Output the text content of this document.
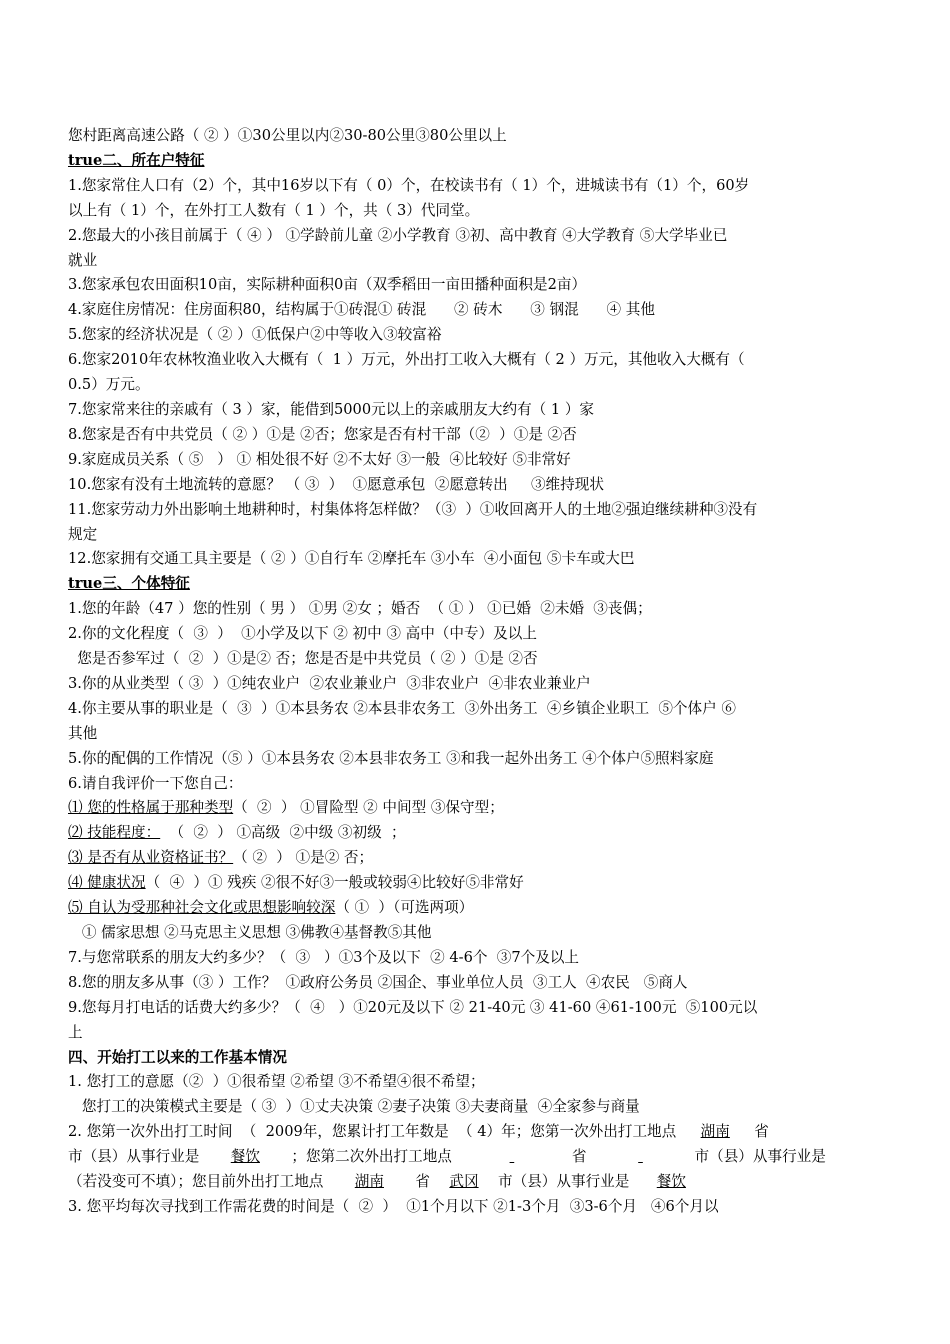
您村距离高速公路（ ② ）①30公里以内②30-80公里③80公里以上
true二、所在户特征
1.您家常住人口有（2）个，其中16岁以下有（ 0）个，在校读书有（ 1）个，进城读书有（1）个，60岁
以上有（ 1）个，在外打工人数有（ 1 ）个，共（ 3）代同堂。
2.您最大的小孩目前属于（ ④ ） ①学龄前儿童 ②小学教育 ③初、高中教育 ④大学教育 ⑤大学毕业已
就业
3.您家承包农田面积10亩，实际耕种面积0亩（双季稻田一亩田播种面积是2亩）
4.家庭住房情况：住房面积80，结构属于①砖混① 砖混      ② 砖木      ③ 钢混      ④ 其他
5.您家的经济状况是（ ② ）①低保户②中等收入③较富裕
6.您家2010年农林牧渔业收入大概有（  1 ）万元，外出打工收入大概有（ 2 ）万元，其他收入大概有（
0.5）万元。
7.您家常来往的亲戚有（ 3 ）家，能借到5000元以上的亲戚朋友大约有（ 1 ）家
8.您家是否有中共党员（ ② ）①是 ②否；您家是否有村干部（②  ）①是 ②否
9.家庭成员关系（ ⑤   ） ① 相处很不好 ②不太好 ③一般  ④比较好 ⑤非常好
10.您家有没有土地流转的意愿？ （ ③  ）  ①愿意承包  ②愿意转出     ③维持现状
11.您家劳动力外出影响土地耕种时，村集体将怎样做？（③  ）①收回离开人的土地②强迫继续耕种③没有
规定
12.您家拥有交通工具主要是（ ② ）①自行车 ②摩托车 ③小车  ④小面包 ⑤卡车或大巴
true三、个体特征
1.您的年龄（47 ）您的性别（ 男 ） ①男 ②女 ；婚否  （ ① ） ①已婚  ②未婚  ③丧偶；
2.你的文化程度（  ③  ）  ①小学及以下 ② 初中 ③ 高中（中专）及以上
您是否参军过（  ②  ）①是② 否；您是否是中共党员（ ② ）①是 ②否
3.你的从业类型（ ③  ）①纯农业户  ②农业兼业户  ③非农业户  ④非农业兼业户
4.你主要从事的职业是（  ③  ）①本县务农 ②本县非农务工  ③外出务工  ④乡镇企业职工  ⑤个体户 ⑥
其他
5.你的配偶的工作情况（⑤ ）①本县务农 ②本县非农务工 ③和我一起外出务工 ④个体户⑤照料家庭
6.请自我评价一下您自己：
⑴ 您的性格属于那种类型（  ②  ） ①冒险型 ② 中间型 ③保守型；
⑵ 技能程度：  （  ②  ） ①高级  ②中级 ③初级  ；
⑶ 是否有从业资格证书？（ ②  ） ①是② 否；
⑷ 健康状况（  ④  ）① 残疾 ②很不好③一般或较弱④比较好⑤非常好
⑸ 自认为受那种社会文化或思想影响较深（ ①  ）（可选两项）
① 儒家思想 ②马克思主义思想 ③佛教④基督教⑤其他
7.与您常联系的朋友大约多少？（  ③   ）①3个及以下  ② 4-6个  ③7个及以上
8.您的朋友多从事（③ ）工作？  ①政府公务员 ②国企、事业单位人员  ③工人  ④农民   ⑤商人
9.您每月打电话的话费大约多少？（  ④   ）①20元及以下 ② 21-40元 ③ 41-60 ④61-100元  ⑤100元以
上
四、开始打工以来的工作基本情况
1. 您打工的意愿（②  ）①很希望 ②希望 ③不希望④很不希望；
您打工的决策模式主要是（ ③  ）①丈夫决策 ②妻子决策 ③夫妻商量  ④全家参与商量
2. 您第一次外出打工时间  （  2009年，您累计打工年数是  （ 4）年；您第一次外出打工地点 湖南 省
市（县）从事行业是 餐饮 ；您第二次外出打工地点	省	市（县）从事行业是
（若没变可不填）；您目前外出打工地点 湖南 省 武冈 市（县）从事行业是 餐饮
3. 您平均每次寻找到工作需花费的时间是（  ②  ）  ①1个月以下 ②1-3个月  ③3-6个月   ④6个月以
